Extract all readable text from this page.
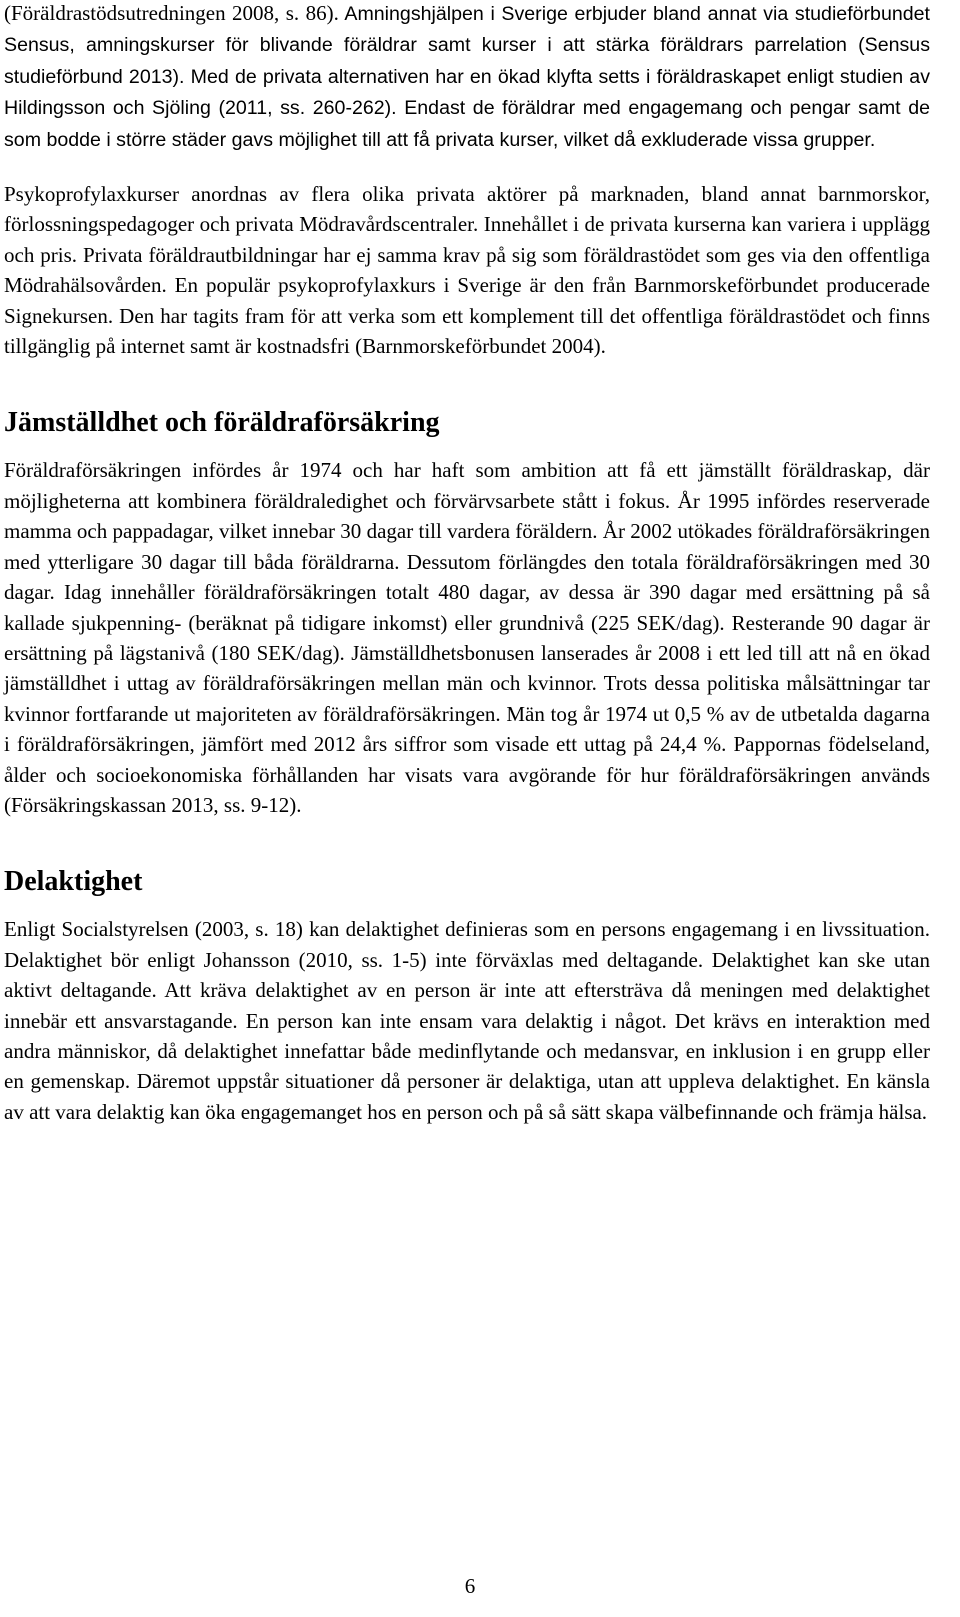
(Föräldrastödsutredningen 2008, s. 86). Amningshjälpen i Sverige erbjuder bland annat via studieförbundet Sensus, amningskurser för blivande föräldrar samt kurser i att stärka föräldrars parrelation (Sensus studieförbund 2013). Med de privata alternativen har en ökad klyfta setts i föräldraskapet enligt studien av Hildingsson och Sjöling (2011, ss. 260-262). Endast de föräldrar med engagemang och pengar samt de som bodde i större städer gavs möjlighet till att få privata kurser, vilket då exkluderade vissa grupper.

Psykoprofylaxkurser anordnas av flera olika privata aktörer på marknaden, bland annat barnmorskor, förlossningspedagoger och privata Mödravårdscentraler. Innehållet i de privata kurserna kan variera i upplägg och pris. Privata föräldrautbildningar har ej samma krav på sig som föräldrastödet som ges via den offentliga Mödrahälsovården. En populär psykoprofylaxkurs i Sverige är den från Barnmorskeförbundet producerade Signekursen. Den har tagits fram för att verka som ett komplement till det offentliga föräldrastödet och finns tillgänglig på internet samt är kostnadsfri (Barnmorskeförbundet 2004).

Jämställdhet och föräldraförsäkring

Föräldraförsäkringen infördes år 1974 och har haft som ambition att få ett jämställt föräldraskap, där möjligheterna att kombinera föräldraledighet och förvärvsarbete stått i fokus. År 1995 infördes reserverade mamma och pappadagar, vilket innebar 30 dagar till vardera föräldern. År 2002 utökades föräldraförsäkringen med ytterligare 30 dagar till båda föräldrarna. Dessutom förlängdes den totala föräldraförsäkringen med 30 dagar. Idag innehåller föräldraförsäkringen totalt 480 dagar, av dessa är 390 dagar med ersättning på så kallade sjukpenning- (beräknat på tidigare inkomst) eller grundnivå (225 SEK/dag). Resterande 90 dagar är ersättning på lägstanivå (180 SEK/dag). Jämställdhetsbonusen lanserades år 2008 i ett led till att nå en ökad jämställdhet i uttag av föräldraförsäkringen mellan män och kvinnor. Trots dessa politiska målsättningar tar kvinnor fortfarande ut majoriteten av föräldraförsäkringen. Män tog år 1974 ut 0,5 % av de utbetalda dagarna i föräldraförsäkringen, jämfört med 2012 års siffror som visade ett uttag på 24,4 %. Pappornas födelseland, ålder och socioekonomiska förhållanden har visats vara avgörande för hur föräldraförsäkringen används (Försäkringskassan 2013, ss. 9-12).

Delaktighet

Enligt Socialstyrelsen (2003, s. 18) kan delaktighet definieras som en persons engagemang i en livssituation. Delaktighet bör enligt Johansson (2010, ss. 1-5) inte förväxlas med deltagande. Delaktighet kan ske utan aktivt deltagande. Att kräva delaktighet av en person är inte att eftersträva då meningen med delaktighet innebär ett ansvarstagande. En person kan inte ensam vara delaktig i något. Det krävs en interaktion med andra människor, då delaktighet innefattar både medinflytande och medansvar, en inklusion i en grupp eller en gemenskap. Däremot uppstår situationer då personer är delaktiga, utan att uppleva delaktighet. En känsla av att vara delaktig kan öka engagemanget hos en person och på så sätt skapa välbefinnande och främja hälsa.

6
